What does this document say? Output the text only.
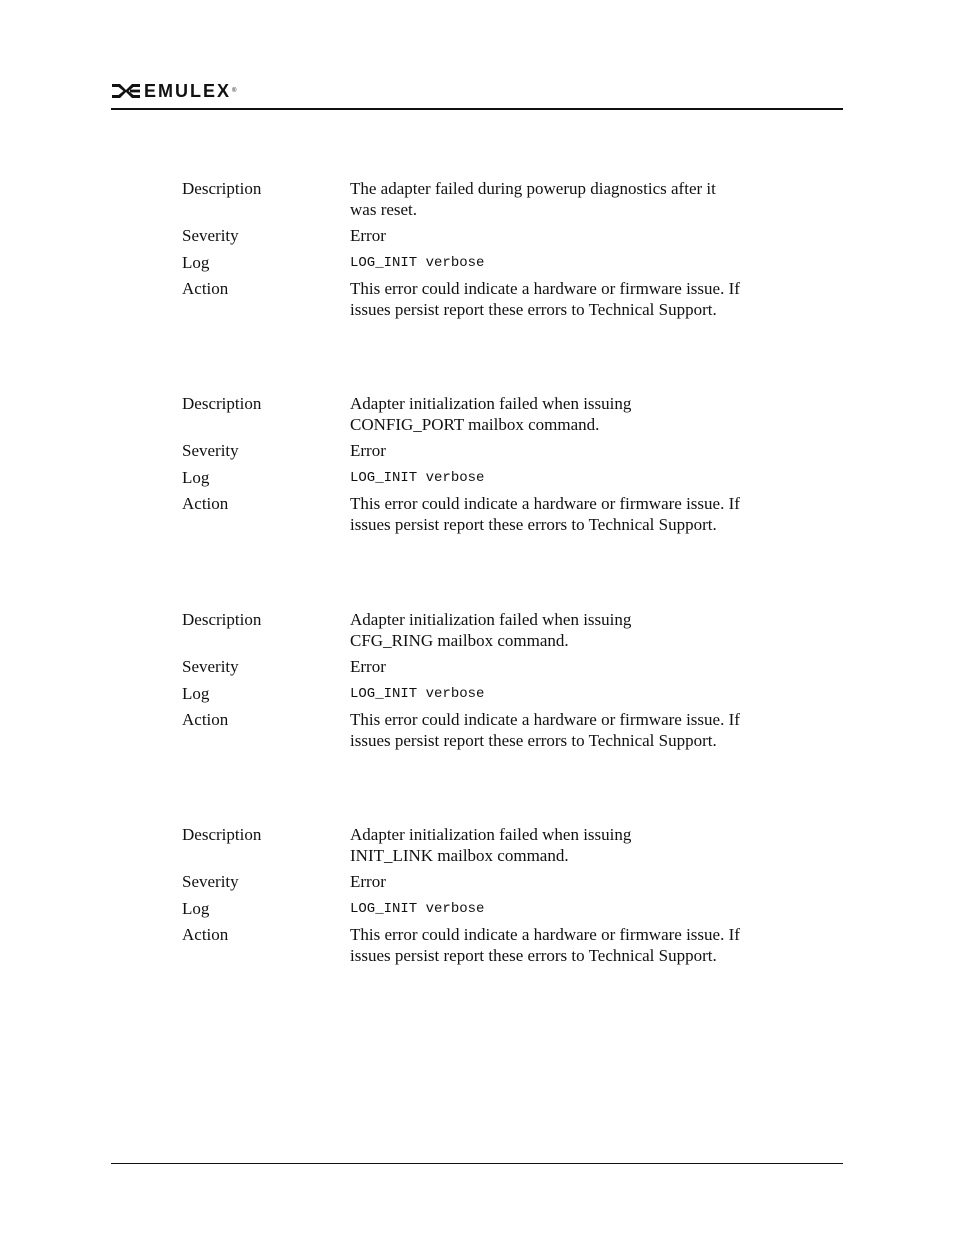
EMULEX ®
Description	The adapter failed during powerup diagnostics after it was reset.
Severity	Error
Log	LOG_INIT verbose
Action	This error could indicate a hardware or firmware issue. If issues persist report these errors to Technical Support.
Description	Adapter initialization failed when issuing CONFIG_PORT mailbox command.
Severity	Error
Log	LOG_INIT verbose
Action	This error could indicate a hardware or firmware issue. If issues persist report these errors to Technical Support.
Description	Adapter initialization failed when issuing CFG_RING mailbox command.
Severity	Error
Log	LOG_INIT verbose
Action	This error could indicate a hardware or firmware issue. If issues persist report these errors to Technical Support.
Description	Adapter initialization failed when issuing INIT_LINK mailbox command.
Severity	Error
Log	LOG_INIT verbose
Action	This error could indicate a hardware or firmware issue. If issues persist report these errors to Technical Support.
